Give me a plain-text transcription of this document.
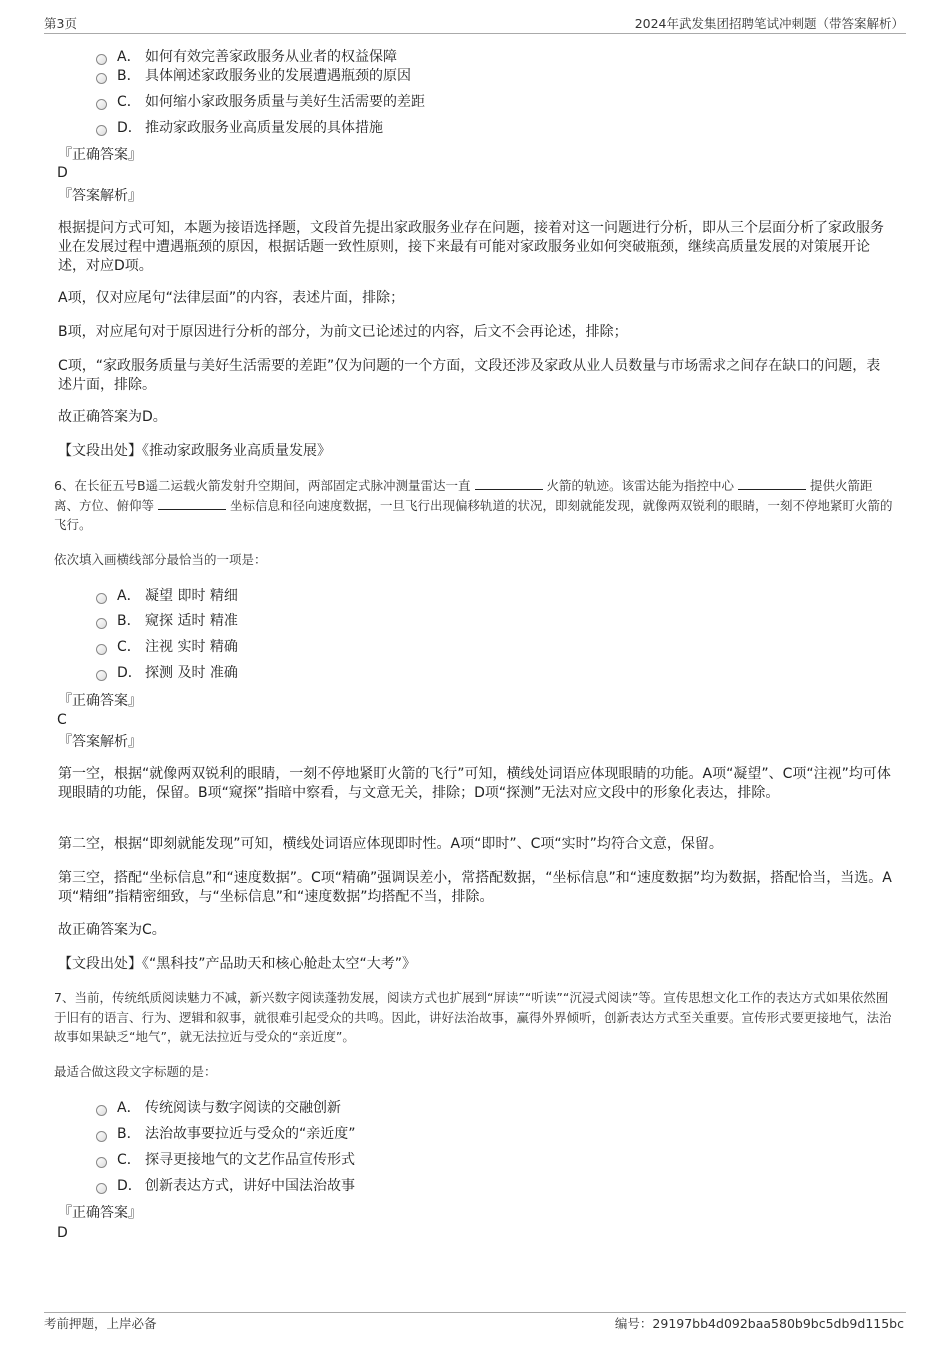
第3页	2024年武发集团招聘笔试冲刺题（带答案解析）
A． 如何有效完善家政服务从业者的权益保障
B． 具体阐述家政服务业的发展遭遇瓶颈的原因
C． 如何缩小家政服务质量与美好生活需要的差距
D． 推动家政服务业高质量发展的具体措施
『正确答案』
D
『答案解析』
根据提问方式可知，本题为接语选择题，文段首先提出家政服务业存在问题，接着对这一问题进行分析，即从三个层面分析了家政服务业在发展过程中遭遇瓶颈的原因，根据话题一致性原则，接下来最有可能对家政服务业如何突破瓶颈，继续高质量发展的对策展开论述，对应D项。
A项，仅对应尾句“法律层面”的内容，表述片面，排除；
B项，对应尾句对于原因进行分析的部分，为前文已论述过的内容，后文不会再论述，排除；
C项，“家政服务质量与美好生活需要的差距”仅为问题的一个方面，文段还涉及家政从业人员数量与市场需求之间存在缺口的问题，表述片面，排除。
故正确答案为D。
【文段出处】《推动家政服务业高质量发展》
6、在长征五号B遥二运载火箭发射升空期间，两部固定式脉冲测量雷达一直	火箭的轨迹。该雷达能为指控中心	提供火箭距离、方位、俯仰等	坐标信息和径向速度数据，一旦飞行出现偏移轨道的状况，即刻就能发现，就像两双锐利的眼睛，一刻不停地紧盯火箭的飞行。
依次填入画横线部分最恰当的一项是：
A． 凝望 即时 精细
B． 窥探 适时 精准
C． 注视 实时 精确
D． 探测 及时 准确
『正确答案』
C
『答案解析』
第一空，根据“就像两双锐利的眼睛，一刻不停地紧盯火箭的飞行”可知，横线处词语应体现眼睛的功能。A项“凝望”、C项“注视”均可体现眼睛的功能，保留。B项“窥探”指暗中察看，与文意无关，排除；D项“探测”无法对应文段中的形象化表达，排除。
第二空，根据“即刻就能发现”可知，横线处词语应体现即时性。A项“即时”、C项“实时”均符合文意，保留。
第三空，搭配“坐标信息”和“速度数据”。C项“精确”强调误差小，常搭配数据，“坐标信息”和“速度数据”均为数据，搭配恰当，当选。A项“精细”指精密细致，与“坐标信息”和“速度数据”均搭配不当，排除。
故正确答案为C。
【文段出处】《“黑科技”产品助天和核心舱赴太空“大考”》
7、当前，传统纸质阅读魅力不减，新兴数字阅读蓬勃发展，阅读方式也扩展到“屏读”“听读”“沉浸式阅读”等。宣传思想文化工作的表达方式如果依然囿于旧有的语言、行为、逻辑和叙事，就很难引起受众的共鸣。因此，讲好法治故事，赢得外界倾听，创新表达方式至关重要。宣传形式要更接地气，法治故事如果缺乏“地气”，就无法拉近与受众的“亲近度”。
最适合做这段文字标题的是：
A． 传统阅读与数字阅读的交融创新
B． 法治故事要拉近与受众的“亲近度”
C． 探寻更接地气的文艺作品宣传形式
D． 创新表达方式，讲好中国法治故事
『正确答案』
D
考前押题，上岸必备	编号：29197bb4d092baa580b9bc5db9d115bc
